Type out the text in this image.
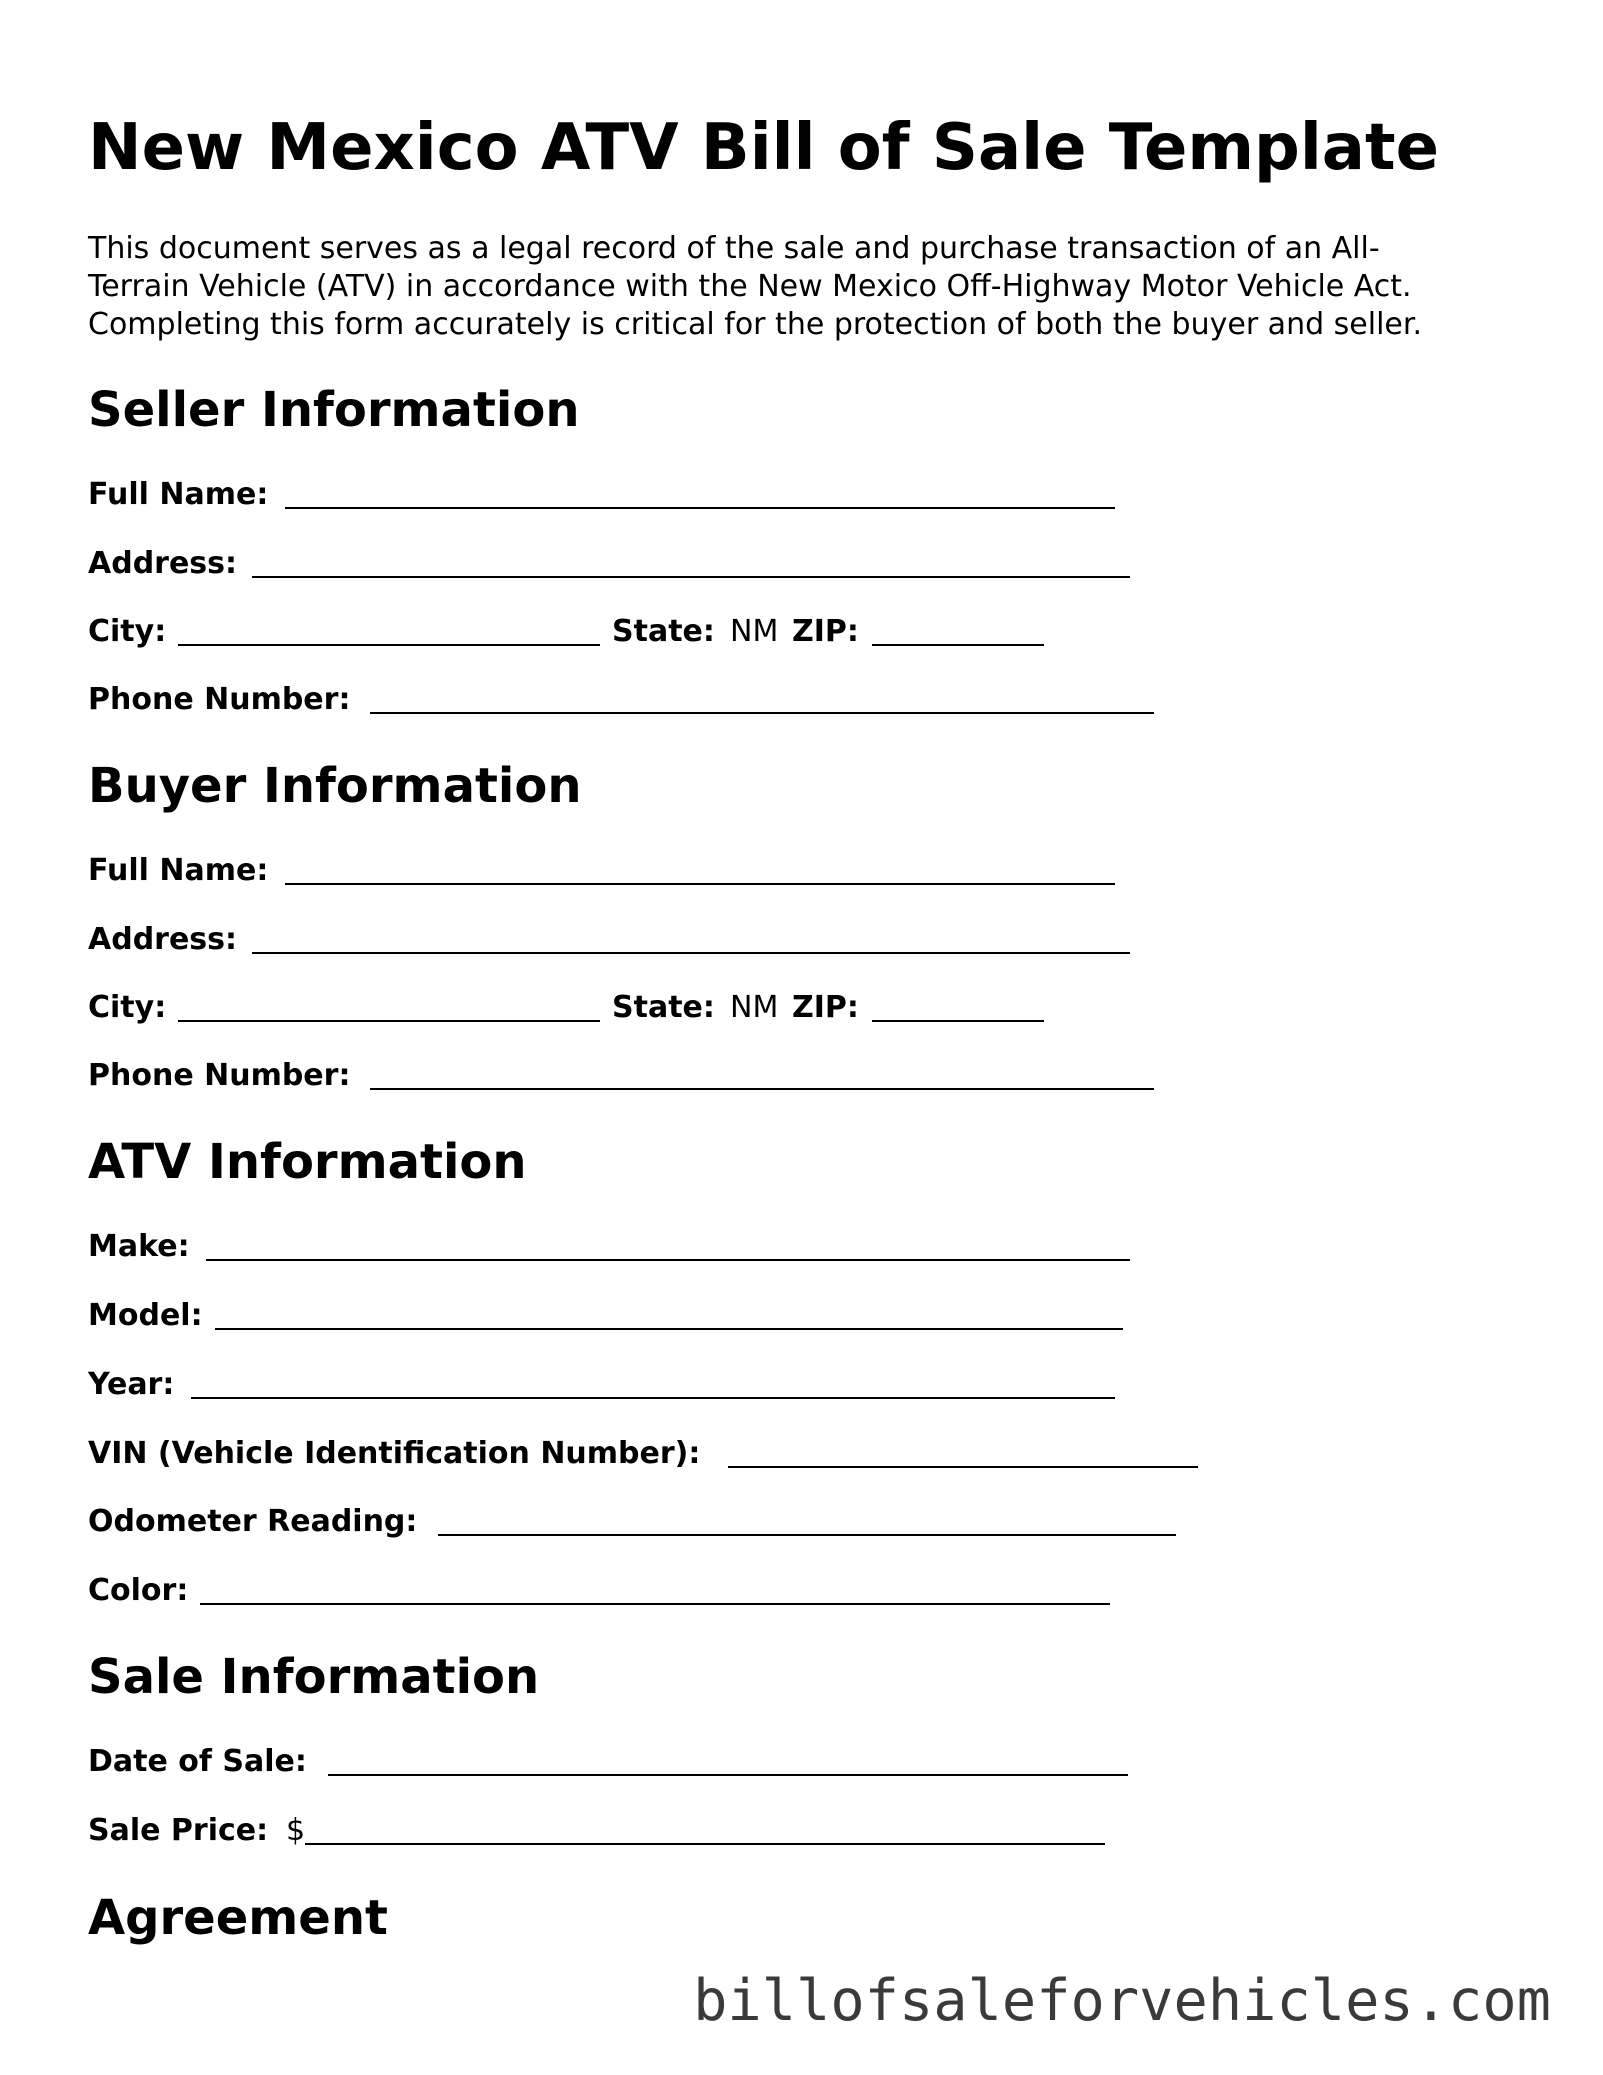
New Mexico ATV Bill of Sale Template

This document serves as a legal record of the sale and purchase transaction of an All-
Terrain Vehicle (ATV) in accordance with the New Mexico Off-Highway Motor Vehicle Act.
Completing this form accurately is critical for the protection of both the buyer and seller.

Seller Information
Full Name:
Address:
City:	State: NM ZIP:
Phone Number:
Buyer Information
Full Name:
Address:
City:	State: NM ZIP:
Phone Number:
ATV Information
Make:
Model:
Year:
VIN (Vehicle Identification Number):
Odometer Reading:
Color:
Sale Information
Date of Sale:
Sale Price: $
Agreement

billofsaleforvehicles.com
